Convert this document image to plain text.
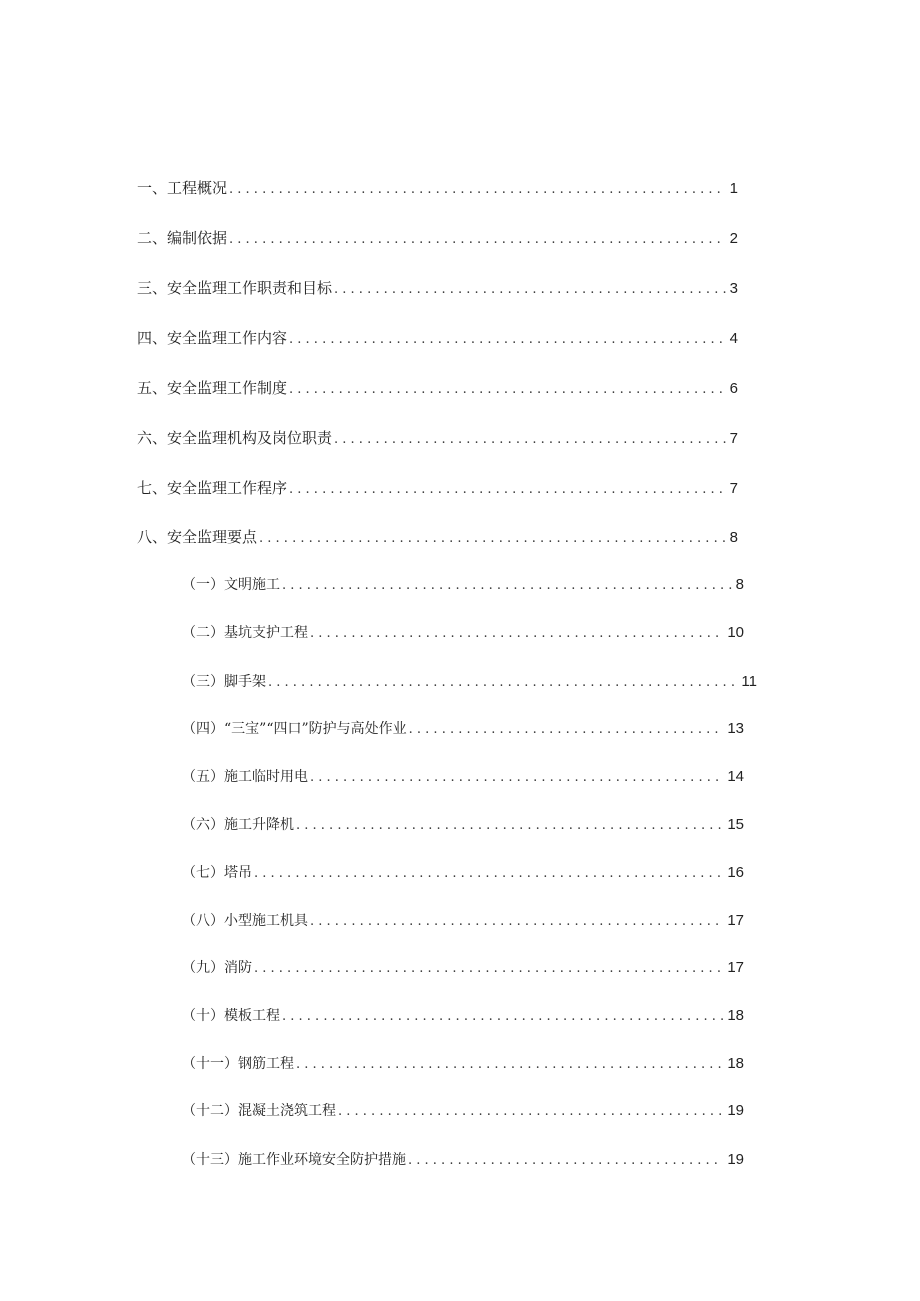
一、工程概况 . . .	1
二、编制依据 . . .	2
三、安全监理工作职责和目标 . . .	3
四、安全监理工作内容 . . .	4
五、安全监理工作制度 . . .	6
六、安全监理机构及岗位职责 . . .	7
七、安全监理工作程序 . . .	7
八、安全监理要点 . . .	8
（一）文明施工 . . .	8
（二）基坑支护工程 . . .	10
（三）脚手架 . . .	11
（四）“三宝”“四口”防护与高处作业 . . .	13
（五）施工临时用电 . . .	14
（六）施工升降机 . . .	15
（七）塔吊 . . .	16
（八）小型施工机具 . . .	17
（九）消防 . . .	17
（十）模板工程 . . .	18
（十一）钢筋工程 . . .	18
（十二）混凝土浇筑工程 . . .	19
（十三）施工作业环境安全防护措施 . . .	19
